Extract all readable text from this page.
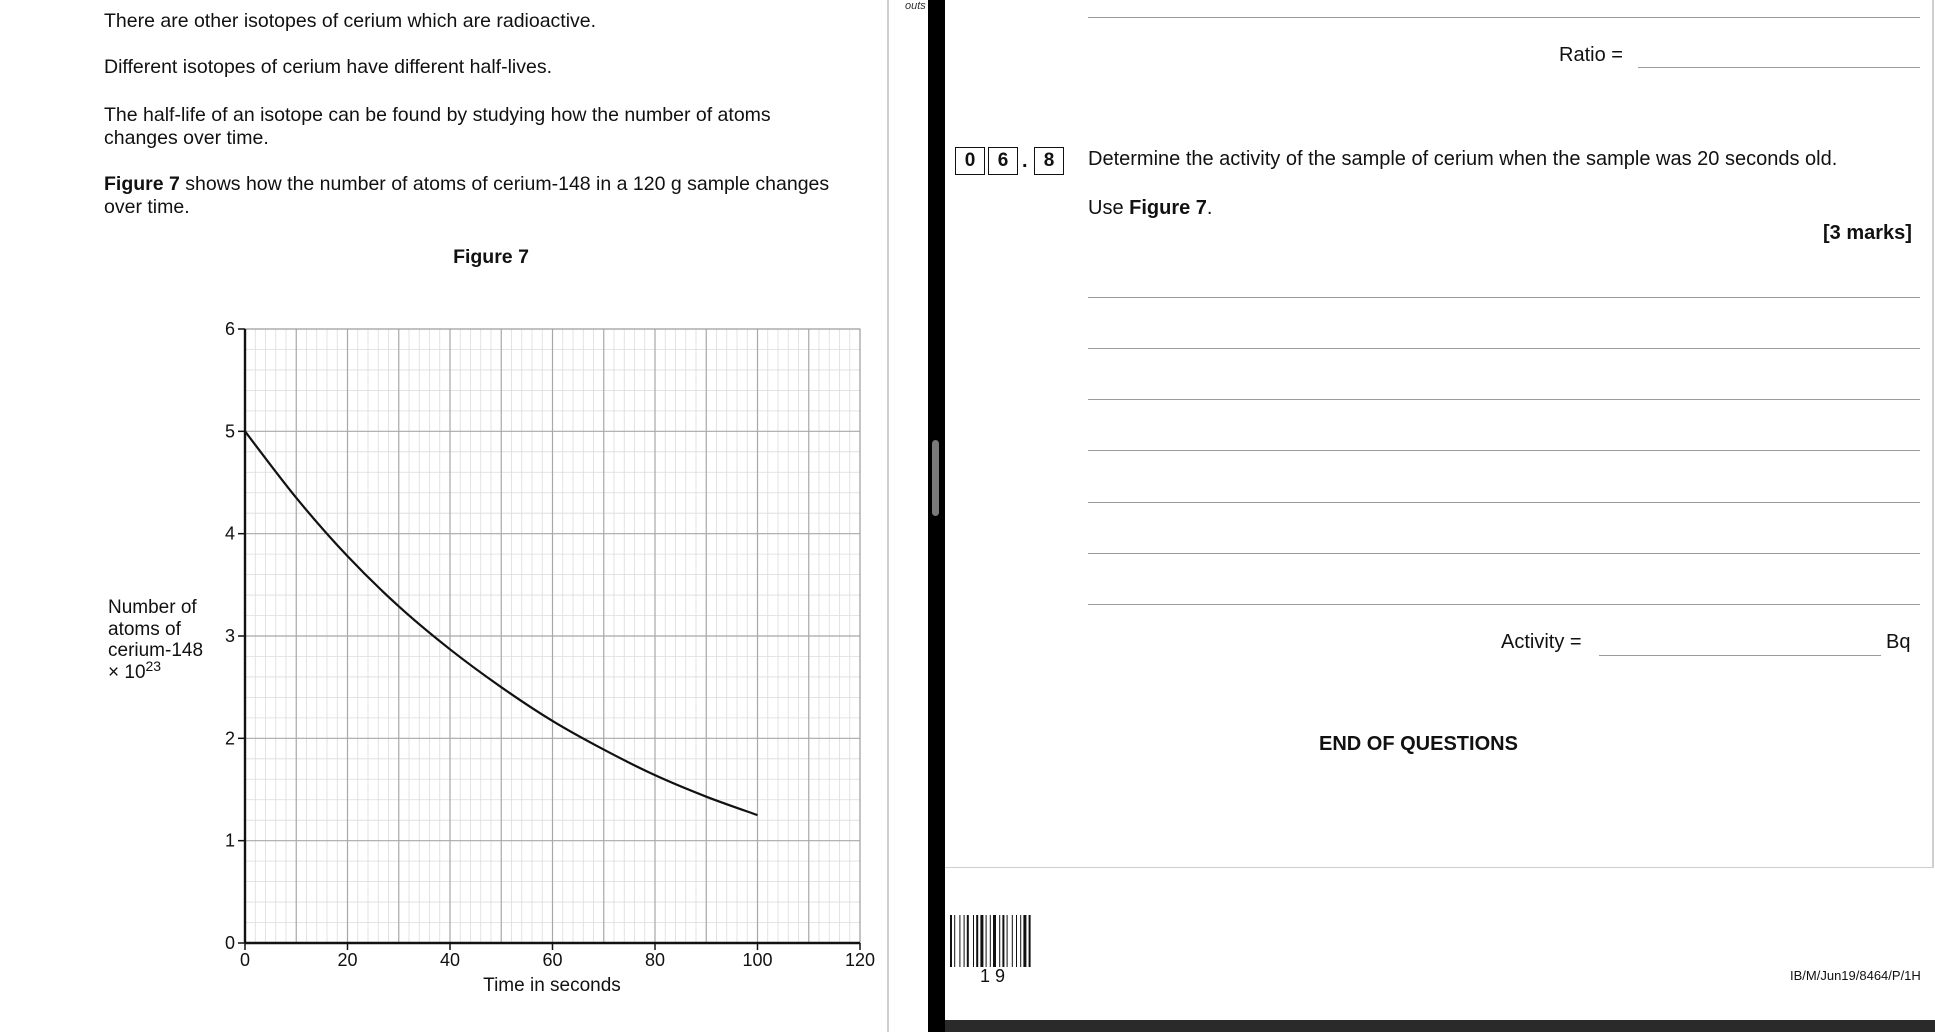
There are other isotopes of cerium which are radioactive.
Different isotopes of cerium have different half-lives.
The half-life of an isotope can be found by studying how the number of atoms
changes over time.
Figure 7 shows how the number of atoms of cerium-148 in a 120 g sample changes
over time.
0	20	40	60	80	100	120
0
1
2
3
4
5
6
Figure 7
Time in seconds
Number of
atoms of
cerium-148
× $10^{23}$
outs
Ratio =
0	6 . 8	Determine the activity of the sample of cerium when the sample was 20 seconds old.
Use Figure 7.
[3 marks]
Activity =	Bq
END OF QUESTIONS
1 9	IB/M/Jun19/8464/P/1H
